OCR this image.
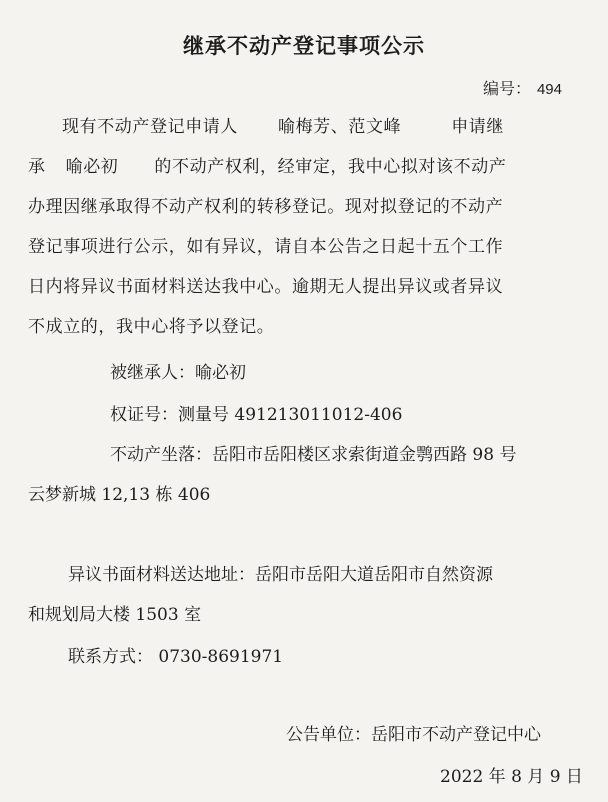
继承不动产登记事项公示
编号： 494
现有不动产登记申请人 喻梅芳、范文峰	申请继
承 喻必初 的不动产权利，经审定，我中心拟对该不动产
办理因继承取得不动产权利的转移登记。现对拟登记的不动产
登记事项进行公示，如有异议，请自本公告之日起十五个工作
日内将异议书面材料送达我中心。逾期无人提出异议或者异议
不成立的，我中心将予以登记。
被继承人：喻必初
权证号：测量号 491213011012-406
不动产坐落：岳阳市岳阳楼区求索街道金鹗西路 98 号
云梦新城 12,13 栋 406
异议书面材料送达地址：岳阳市岳阳大道岳阳市自然资源
和规划局大楼 1503 室
联系方式： 0730-8691971
公告单位：岳阳市不动产登记中心
2022 年 8 月 9 日
